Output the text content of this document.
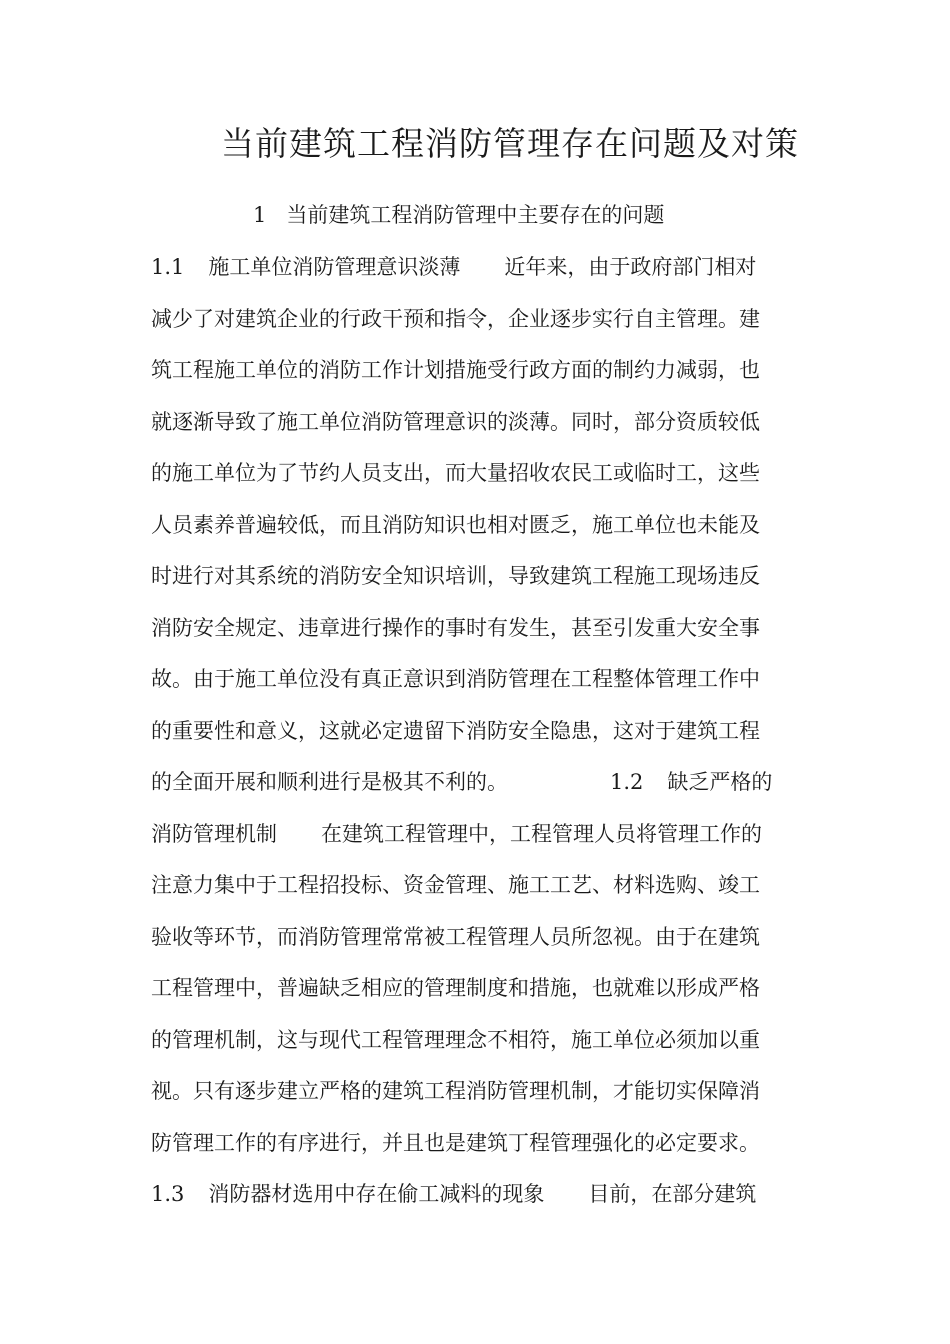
当前建筑工程消防管理存在问题及对策
1 当前建筑工程消防管理中主要存在的问题
1.1 施工单位消防管理意识淡薄 近年来，由于政府部门相对
减少了对建筑企业的行政干预和指令，企业逐步实行自主管理。建
筑工程施工单位的消防工作计划措施受行政方面的制约力减弱，也
就逐渐导致了施工单位消防管理意识的淡薄。同时，部分资质较低
的施工单位为了节约人员支出，而大量招收农民工或临时工，这些
人员素养普遍较低，而且消防知识也相对匮乏，施工单位也未能及
时进行对其系统的消防安全知识培训，导致建筑工程施工现场违反
消防安全规定、违章进行操作的事时有发生，甚至引发重大安全事
故。由于施工单位没有真正意识到消防管理在工程整体管理工作中
的重要性和意义，这就必定遗留下消防安全隐患，这对于建筑工程
的全面开展和顺利进行是极其不利的。	1.2 缺乏严格的
消防管理机制 在建筑工程管理中，工程管理人员将管理工作的
注意力集中于工程招投标、资金管理、施工工艺、材料选购、竣工
验收等环节，而消防管理常常被工程管理人员所忽视。由于在建筑
工程管理中，普遍缺乏相应的管理制度和措施，也就难以形成严格
的管理机制，这与现代工程管理理念不相符，施工单位必须加以重
视。只有逐步建立严格的建筑工程消防管理机制，才能切实保障消
防管理工作的有序进行，并且也是建筑丁程管理强化的必定要求。
1.3 消防器材选用中存在偷工减料的现象 目前，在部分建筑
